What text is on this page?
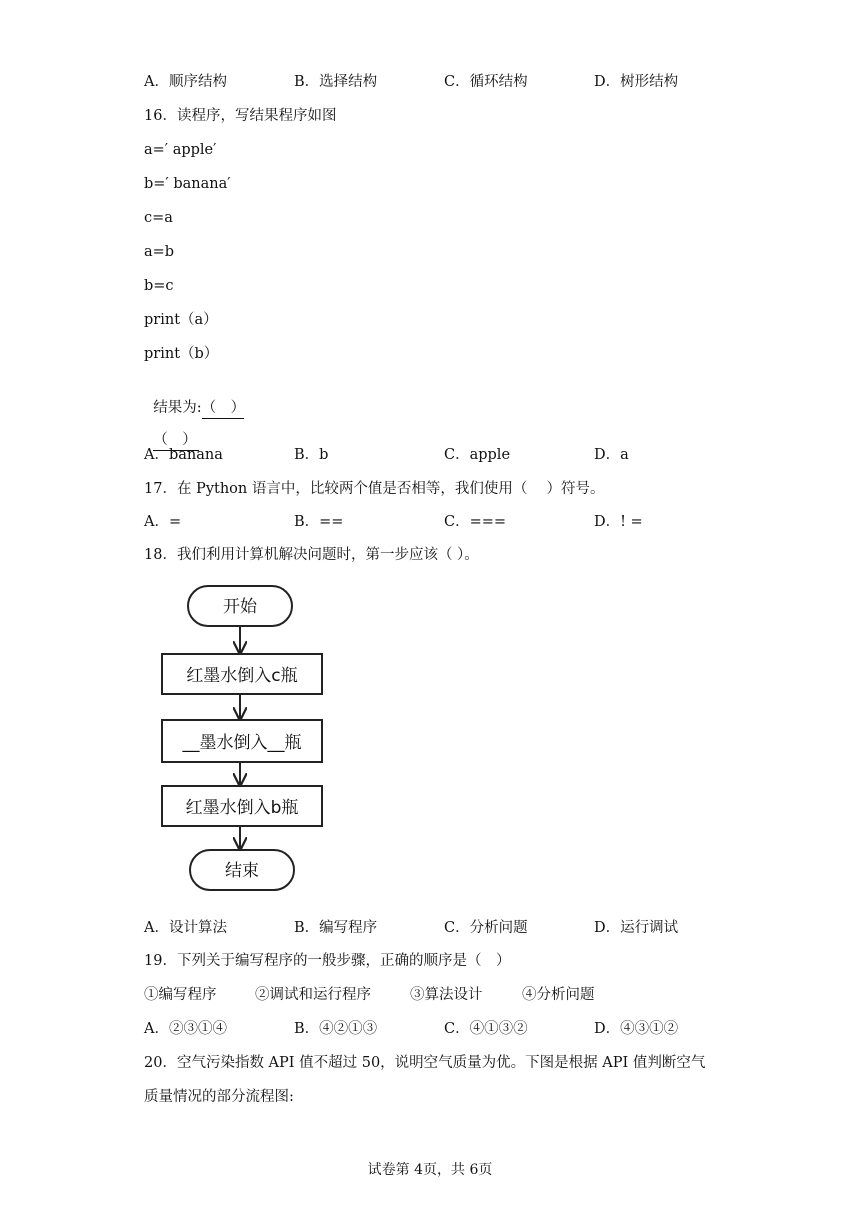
A．顺序结构	B．选择结构	C．循环结构	D．树形结构
16．读程序，写结果程序如图
a=′ apple′
b=′ banana′
c=a
a=b
b=c
print（a）
print（b）

结果为:（　）

（　）

A．banana	B．b	C．apple	D．a
17．在 Python 语言中，比较两个值是否相等，我们使用（　 ）符号。
A．=	B．==	C．===	D．! =
18．我们利用计算机解决问题时，第一步应该（ ）。
开始
红墨水倒入c瓶
__墨水倒入__瓶
红墨水倒入b瓶
结束
A．设计算法	B．编写程序	C．分析问题	D．运行调试
19．下列关于编写程序的一般步骤，正确的顺序是（　）
①编写程序	②调试和运行程序	③算法设计	④分析问题
A．②③①④	B．④②①③	C．④①③②	D．④③①②
20．空气污染指数 API 值不超过 50，说明空气质量为优。下图是根据 API 值判断空气
质量情况的部分流程图:
试卷第 4页，共 6页
